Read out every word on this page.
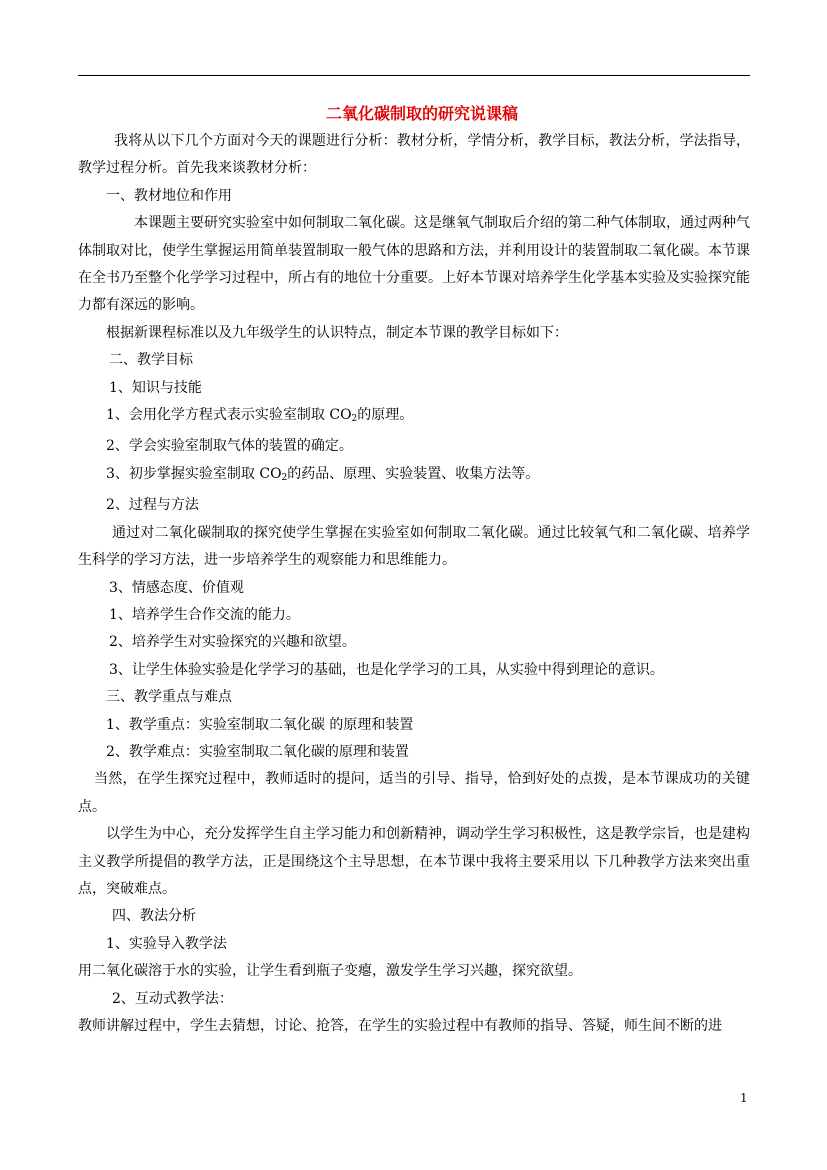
二氧化碳制取的研究说课稿

我将从以下几个方面对今天的课题进行分析：教材分析，学情分析，教学目标，教法分析，学法指导，教学过程分析。首先我来谈教材分析：

一、教材地位和作用

本课题主要研究实验室中如何制取二氧化碳。这是继氧气制取后介绍的第二种气体制取，通过两种气体制取对比，使学生掌握运用简单装置制取一般气体的思路和方法，并利用设计的装置制取二氧化碳。本节课在全书乃至整个化学学习过程中，所占有的地位十分重要。上好本节课对培养学生化学基本实验及实验探究能力都有深远的影响。

根据新课程标准以及九年级学生的认识特点，制定本节课的教学目标如下：

二、教学目标

1、知识与技能

1、会用化学方程式表示实验室制取 $CO_2$的原理。

2、学会实验室制取气体的装置的确定。

3、初步掌握实验室制取 $CO_2$的药品、原理、实验装置、收集方法等。

2、过程与方法

通过对二氧化碳制取的探究使学生掌握在实验室如何制取二氧化碳。通过比较氧气和二氧化碳、培养学生科学的学习方法，进一步培养学生的观察能力和思维能力。

3、情感态度、价值观

1、培养学生合作交流的能力。

2、培养学生对实验探究的兴趣和欲望。

3、让学生体验实验是化学学习的基础，也是化学学习的工具，从实验中得到理论的意识。

三、教学重点与难点

1、教学重点：实验室制取二氧化碳 的原理和装置

2、教学难点：实验室制取二氧化碳的原理和装置

当然，在学生探究过程中，教师适时的提问，适当的引导、指导，恰到好处的点拨，是本节课成功的关键点。

以学生为中心，充分发挥学生自主学习能力和创新精神，调动学生学习积极性，这是教学宗旨，也是建构主义教学所提倡的教学方法，正是围绕这个主导思想，在本节课中我将主要采用以 下几种教学方法来突出重点，突破难点。

四、教法分析

1、实验导入教学法

用二氧化碳溶于水的实验，让学生看到瓶子变瘪，激发学生学习兴趣，探究欲望。

2、互动式教学法：

教师讲解过程中，学生去猜想，讨论、抢答，在学生的实验过程中有教师的指导、答疑，师生间不断的进

1
